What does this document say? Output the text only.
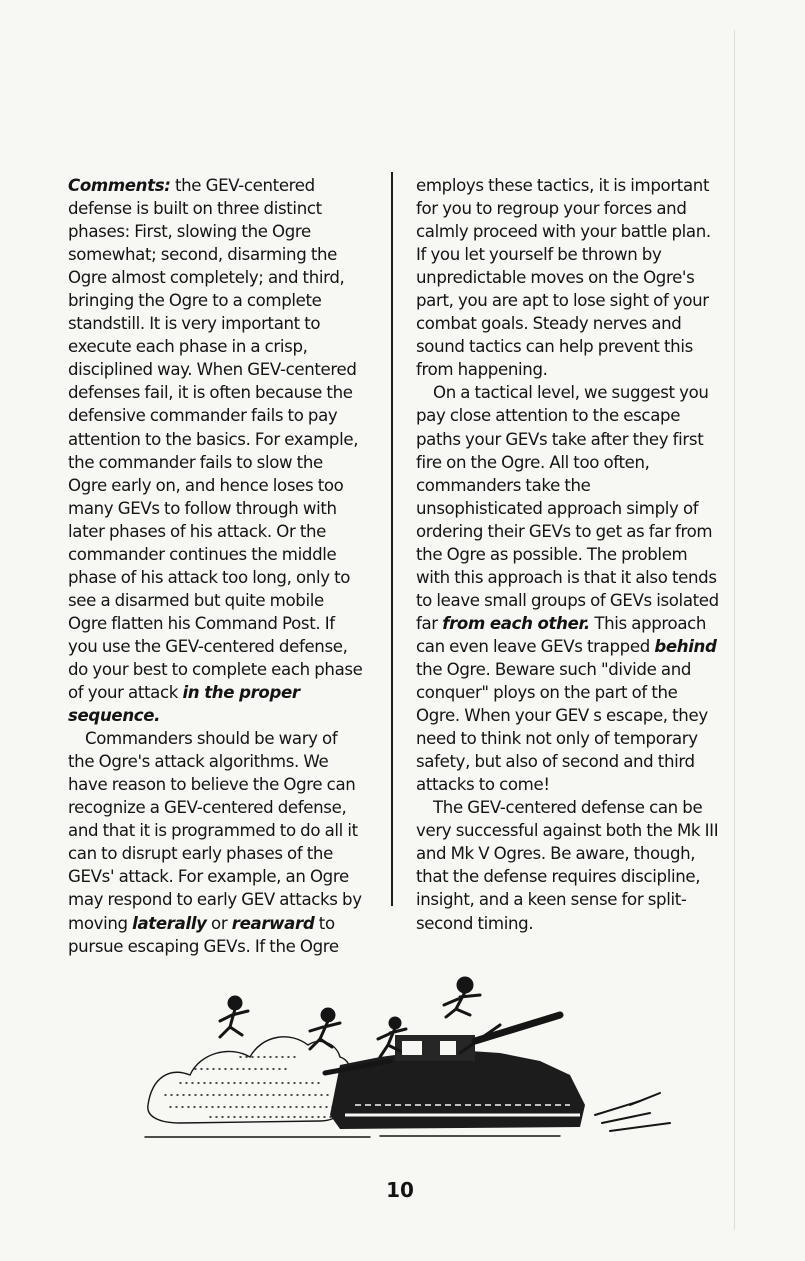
Comments: the GEV-centered defense is built on three distinct phases: First, slowing the Ogre somewhat; second, disarming the Ogre almost completely; and third, bringing the Ogre to a complete standstill. It is very important to execute each phase in a crisp, disciplined way. When GEV-centered defenses fail, it is often because the defensive commander fails to pay attention to the basics. For example, the commander fails to slow the Ogre early on, and hence loses too many GEVs to follow through with later phases of his attack. Or the commander continues the middle phase of his attack too long, only to see a disarmed but quite mobile Ogre flatten his Command Post. If you use the GEV-centered defense, do your best to complete each phase of your attack in the proper sequence.

Commanders should be wary of the Ogre's attack algorithms. We have reason to believe the Ogre can recognize a GEV-centered defense, and that it is programmed to do all it can to disrupt early phases of the GEVs' attack. For example, an Ogre may respond to early GEV attacks by moving laterally or rearward to pursue escaping GEVs. If the Ogre

employs these tactics, it is important for you to regroup your forces and calmly proceed with your battle plan. If you let yourself be thrown by unpredictable moves on the Ogre's part, you are apt to lose sight of your combat goals. Steady nerves and sound tactics can help prevent this from happening.

On a tactical level, we suggest you pay close attention to the escape paths your GEVs take after they first fire on the Ogre. All too often, commanders take the unsophisticated approach simply of ordering their GEVs to get as far from the Ogre as possible. The problem with this approach is that it also tends to leave small groups of GEVs isolated far from each other. This approach can even leave GEVs trapped behind the Ogre. Beware such "divide and conquer" ploys on the part of the Ogre. When your GEV s escape, they need to think not only of temporary safety, but also of second and third attacks to come!

The GEV-centered defense can be very successful against both the Mk III and Mk V Ogres. Be aware, though, that the defense requires discipline, insight, and a keen sense for split-second timing.

10
